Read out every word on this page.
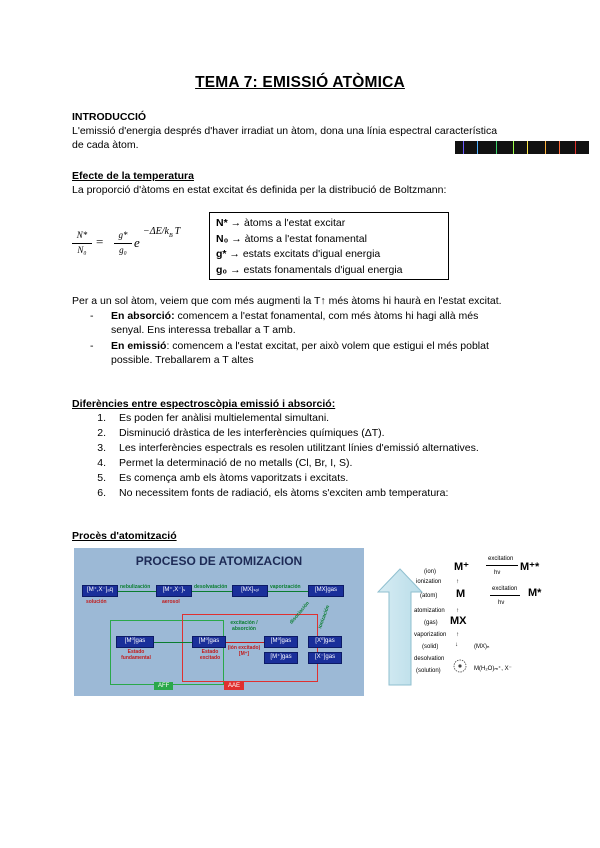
TEMA 7: EMISSIÓ ATÒMICA
INTRODUCCIÓ
L'emissió d'energia després d'haver irradiat un àtom, dona una línia espectral característica
de cada àtom.
Efecte de la temperatura
La proporció d'àtoms en estat excitat és definida per la distribució de Boltzmann:
N*
N₀
=	g*
g₀ e
$-\Delta E/k_B$ T
N* → àtoms a l'estat excitar
N₀ → àtoms a l'estat fonamental
g* → estats excitats d'igual energia
g₀ → estats fonamentals d'igual energia
Per a un sol àtom, veiem que com més augmenti la T↑ més àtoms hi haurà en l'estat excitat.
- En absorció: comencem a l'estat fonamental, com més àtoms hi hagi allà més
senyal. Ens interessa treballar a T amb.
- En emissió: comencem a l'estat excitat, per això volem que estigui el més poblat
possible. Treballarem a T altes
Diferències entre espectroscòpia emissió i absorció:
1. Es poden fer anàlisi multielemental simultani.
2. Disminució dràstica de les interferències químiques (ΔT).
3. Les interferències espectrals es resolen utilitzant línies d'emissió alternatives.
4. Permet la determinació de no metalls (Cl, Br, I, S).
5. Es comença amb els àtoms vaporitzats i excitats.
6. No necessitem fonts de radiació, els àtoms s'exciten amb temperatura:
Procès d'atomització
PROCESO DE ATOMIZACION
[M⁺,X⁻]ₐq	[M⁺,X⁻]ₛ	[MX]ₛₒₗ	[MX]gas
nebulización	desolvatación	vaporización
solución	aerosol
[M⁰]gas	[M⁰]gas	[M⁰]gas	[X⁰]gas
[M⁺]gas	[X⁻]gas
disociación ionización
excitación / absorción
Estado fundamental
Estado excitado
(ión excitado) [M⁺]
AFF	AAE
(ion) M⁺
excitation
hν M⁺*
ionization ↑
(atom) M	excitation
hν
M*
atomization ↑
(gas) MX
vaporization ↑
(solid)	↓	(MX)ₙ
desolvation
(solution)	M(H₂O)ₘ⁺, X⁻
